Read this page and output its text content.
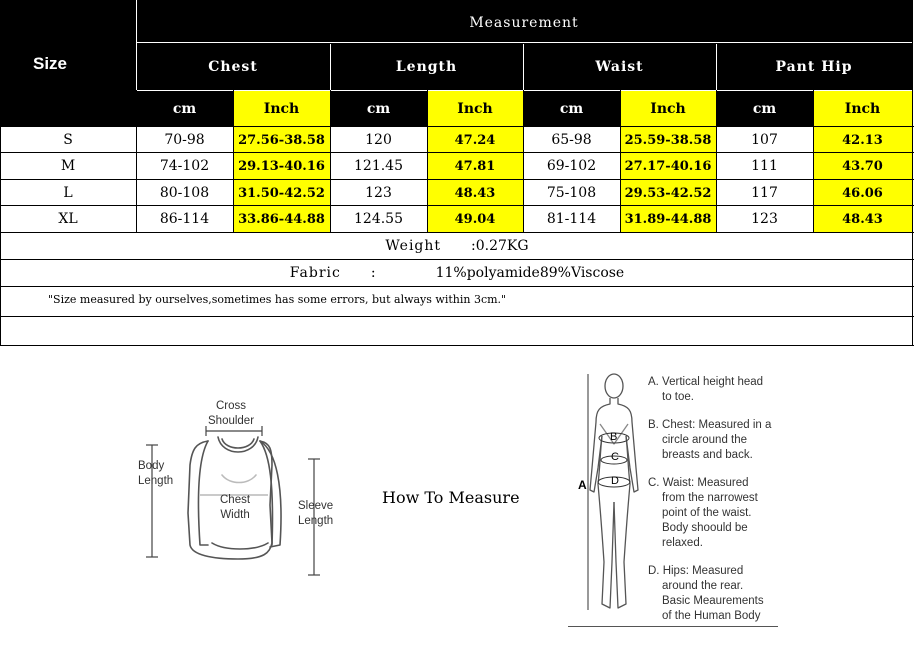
Size
Measurement
Chest	Length	Waist	Pant Hip
cm	Inch	cm	Inch	cm	Inch	cm	Inch
S	70-98	27.56-38.58	120	47.24	65-98	25.59-38.58	107	42.13
M	74-102	29.13-40.16	121.45	47.81	69-102	27.17-40.16	111	43.70
L	80-108	31.50-42.52	123	48.43	75-108	29.53-42.52	117	46.06
XL	86-114	33.86-44.88	124.55	49.04	81-114	31.89-44.88	123	48.43
Weight :0.27KG
Fabric :	11%polyamide89%Viscose
"Size measured by ourselves,sometimes has some errors, but always within 3cm."
Cross
Shoulder
Body
Length
Chest
Width
Sleeve
Length
How To Measure
A
B
C
D
A. Vertical height head
to toe.
B. Chest: Measured in a
circle around the
breasts and back.
C. Waist: Measured
from the narrowest
point of the waist.
Body shoould be
relaxed.
D. Hips: Measured
around the rear.
Basic Meaurements
of the Human Body
